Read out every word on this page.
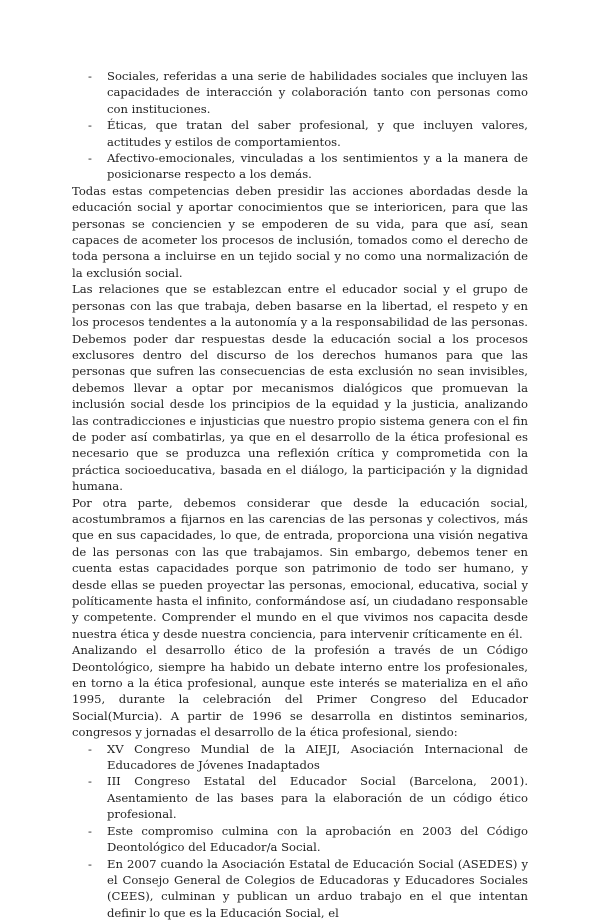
- Sociales, referidas a una serie de habilidades sociales que incluyen las capacidades de interacción y colaboración tanto con personas como con instituciones.
- Éticas, que tratan del saber profesional, y que incluyen valores, actitudes y estilos de comportamientos.
- Afectivo-emocionales, vinculadas a los sentimientos y a la manera de posicionarse respecto a los demás.

Todas estas competencias deben presidir las acciones abordadas desde la educación social y aportar conocimientos que se interioricen, para que las personas se conciencien y se empoderen de su vida, para que así, sean capaces de acometer los procesos de inclusión, tomados como el derecho de toda persona a incluirse en un tejido social y no como una normalización de la exclusión social.

Las relaciones que se establezcan entre el educador social y el grupo de personas con las que trabaja, deben basarse en la libertad, el respeto y en los procesos tendentes a la autonomía y a la responsabilidad de las personas. Debemos poder dar respuestas desde la educación social a los procesos exclusores dentro del discurso de los derechos humanos para que las personas que sufren las consecuencias de esta exclusión no sean invisibles, debemos llevar a optar por mecanismos dialógicos que promuevan la inclusión social desde los principios de la equidad y la justicia, analizando las contradicciones e injusticias que nuestro propio sistema genera con el fin de poder así combatirlas, ya que en el desarrollo de la ética profesional es necesario que se produzca una reflexión crítica y comprometida con la práctica socioeducativa, basada en el diálogo, la participación y la dignidad humana.

Por otra parte, debemos considerar que desde la educación social, acostumbramos a fijarnos en las carencias de las personas y colectivos, más que en sus capacidades, lo que, de entrada, proporciona una visión negativa de las personas con las que trabajamos. Sin embargo, debemos tener en cuenta estas capacidades porque son patrimonio de todo ser humano, y desde ellas se pueden proyectar las personas, emocional, educativa, social y políticamente hasta el infinito, conformándose así, un ciudadano responsable y competente. Comprender el mundo en el que vivimos nos capacita desde nuestra ética y desde nuestra conciencia, para intervenir críticamente en él.

Analizando el desarrollo ético de la profesión a través de un Código Deontológico, siempre ha habido un debate interno entre los profesionales, en torno a la ética profesional, aunque este interés se materializa en el año 1995, durante la celebración del Primer Congreso del Educador Social(Murcia). A partir de 1996 se desarrolla en distintos seminarios, congresos y jornadas el desarrollo de la ética profesional, siendo:

- XV Congreso Mundial de la AIEJI, Asociación Internacional de Educadores de Jóvenes Inadaptados
- III Congreso Estatal del Educador Social (Barcelona, 2001). Asentamiento de las bases para la elaboración de un código ético profesional.
- Este compromiso culmina con la aprobación en 2003 del Código Deontológico del Educador/a Social.
- En 2007 cuando la Asociación Estatal de Educación Social (ASEDES) y el Consejo General de Colegios de Educadoras y Educadores Sociales (CEES), culminan y publican un arduo trabajo en el que intentan definir lo que es la Educación Social, el
